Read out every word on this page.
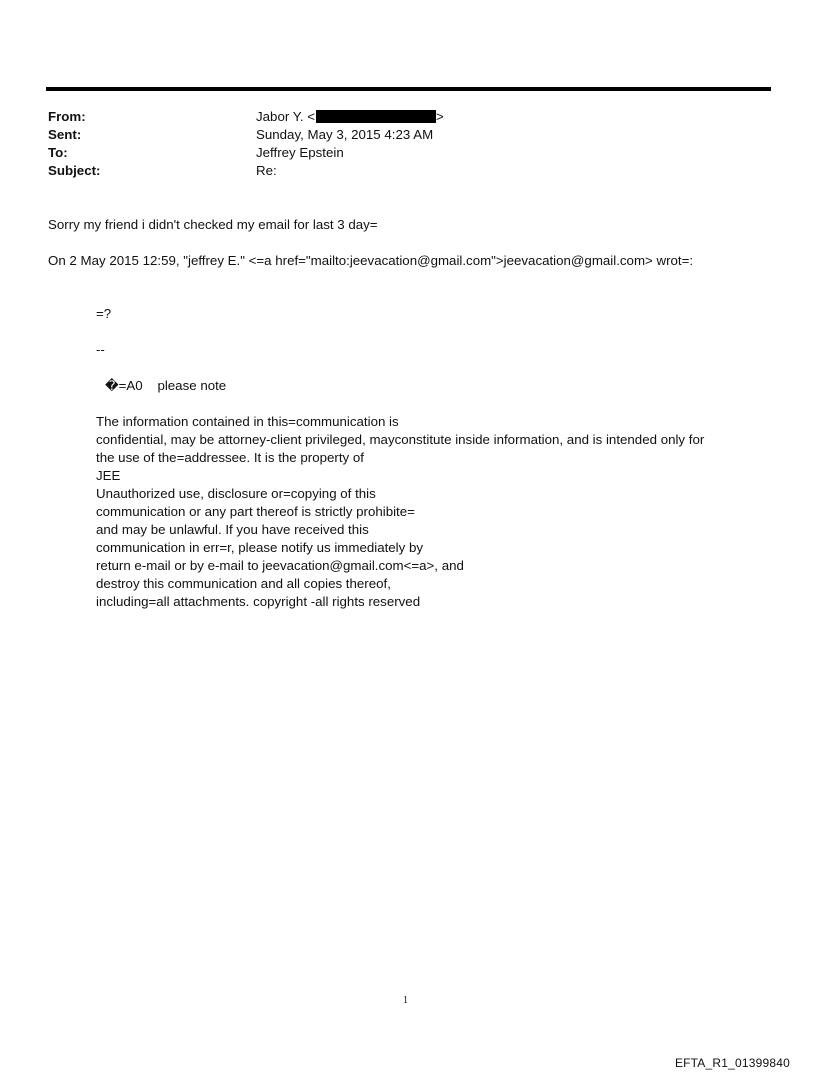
From:	Jabor Y. <	>
Sent:	Sunday, May 3, 2015 4:23 AM
To:	Jeffrey Epstein
Subject:	Re:
Sorry my friend i didn't checked my email for last 3 day=
On 2 May 2015 12:59, "jeffrey E." <=a href="mailto:jeevacation@gmail.com">jeevacation@gmail.com> wrot=:
=?
--
�=A0    please note
The information contained in this=communication is
confidential, may be attorney-client privileged, mayconstitute inside information, and is intended only for
the use of the=addressee. It is the property of
JEE
Unauthorized use, disclosure or=copying of this
communication or any part thereof is strictly prohibite=
and may be unlawful. If you have received this
communication in err=r, please notify us immediately by
return e-mail or by e-mail to jeevacation@gmail.com<=a>, and
destroy this communication and all copies thereof,
including=all attachments. copyright -all rights reserved
1
EFTA_R1_01399840
